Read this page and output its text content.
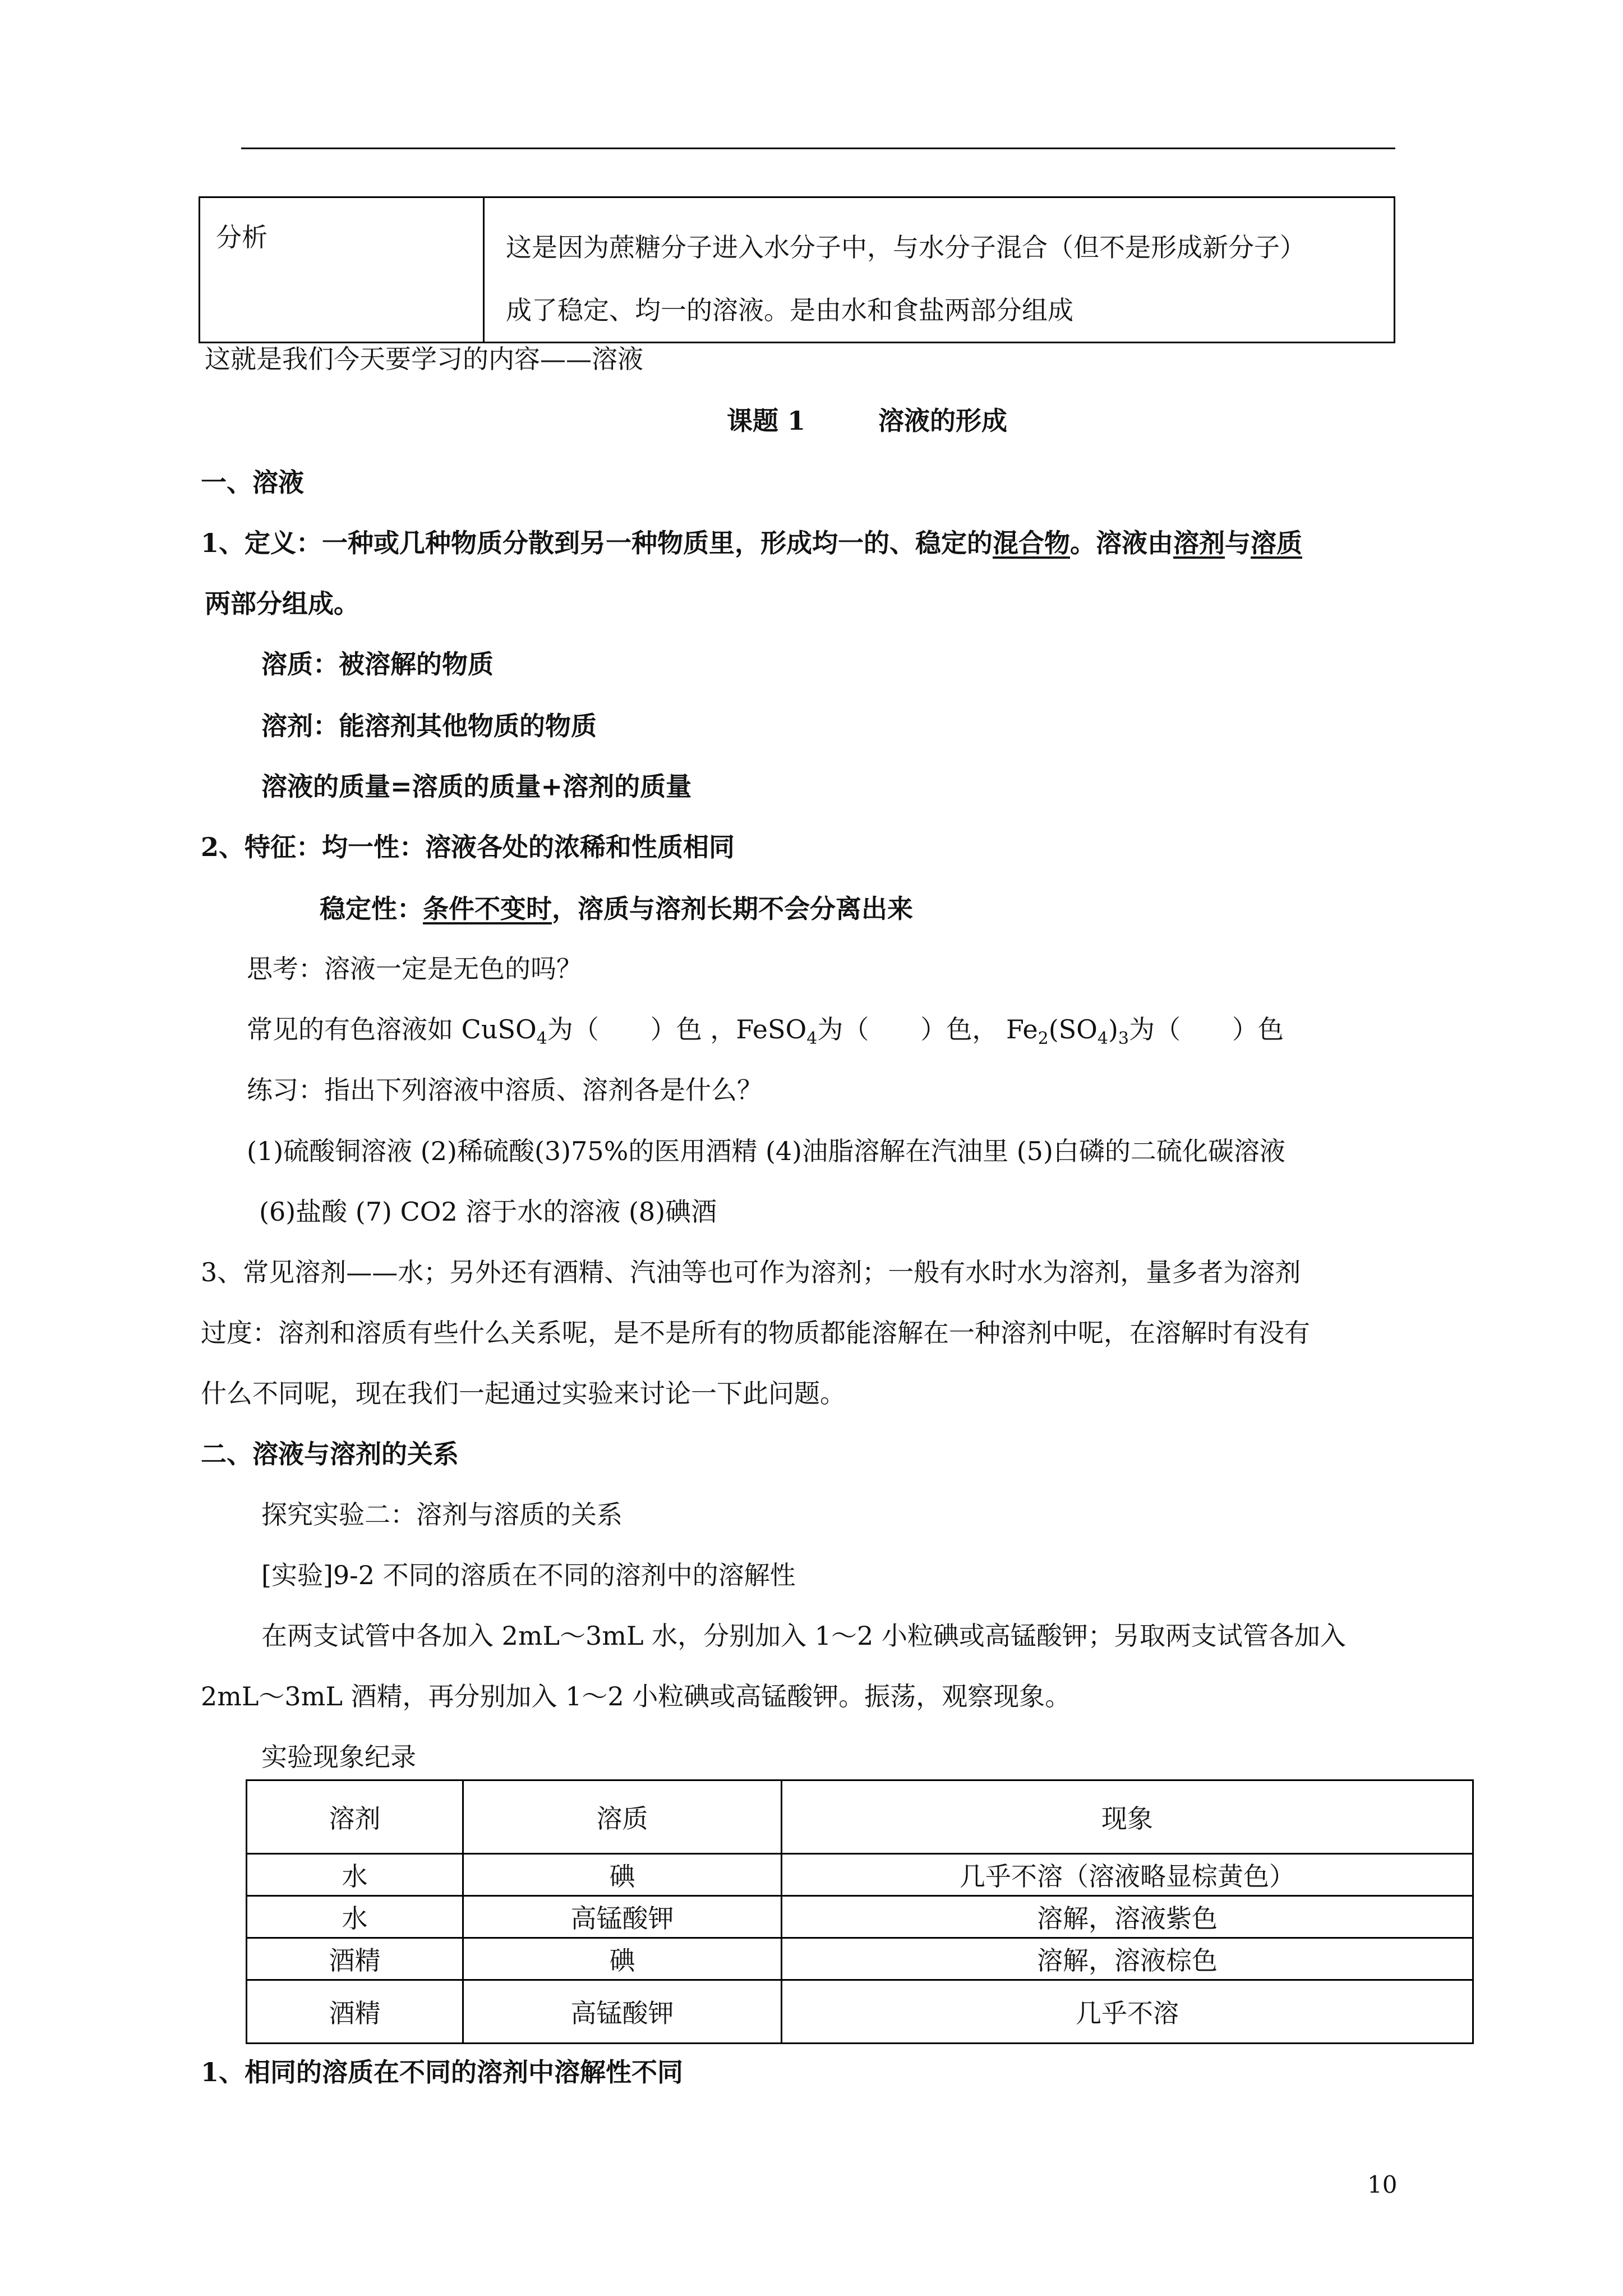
分析	这是因为蔗糖分子进入水分子中，与水分子混合（但不是形成新分子）
成了稳定、均一的溶液。是由水和食盐两部分组成
这就是我们今天要学习的内容——溶液
课题 1	溶液的形成
一、溶液
1、定义：一种或几种物质分散到另一种物质里，形成均一的、稳定的混合物。溶液由溶剂与溶质
两部分组成。
溶质：被溶解的物质
溶剂：能溶剂其他物质的物质
溶液的质量=溶质的质量+溶剂的质量
2、特征：均一性：溶液各处的浓稀和性质相同
稳定性：条件不变时，溶质与溶剂长期不会分离出来
思考：溶液一定是无色的吗？
常见的有色溶液如 CuSO$_4$为（　　）色 ，FeSO$_4$为（　　）色， $Fe_2(SO_4)_3$为（　　）色
练习：指出下列溶液中溶质、溶剂各是什么？
(1)硫酸铜溶液 (2)稀硫酸(3)75%的医用酒精 (4)油脂溶解在汽油里 (5)白磷的二硫化碳溶液
(6)盐酸 (7) CO2 溶于水的溶液 (8)碘酒
3、常见溶剂——水；另外还有酒精、汽油等也可作为溶剂；一般有水时水为溶剂，量多者为溶剂
过度：溶剂和溶质有些什么关系呢，是不是所有的物质都能溶解在一种溶剂中呢，在溶解时有没有
什么不同呢，现在我们一起通过实验来讨论一下此问题。
二、溶液与溶剂的关系
探究实验二：溶剂与溶质的关系
[实验]9-2 不同的溶质在不同的溶剂中的溶解性
在两支试管中各加入 2mL～3mL 水，分别加入 1～2 小粒碘或高锰酸钾；另取两支试管各加入
2mL～3mL 酒精，再分别加入 1～2 小粒碘或高锰酸钾。振荡，观察现象。
实验现象纪录
溶剂	溶质	现象
水	碘	几乎不溶（溶液略显棕黄色）
水	高锰酸钾	溶解，溶液紫色
酒精	碘	溶解，溶液棕色
酒精	高锰酸钾	几乎不溶
1、相同的溶质在不同的溶剂中溶解性不同
10
